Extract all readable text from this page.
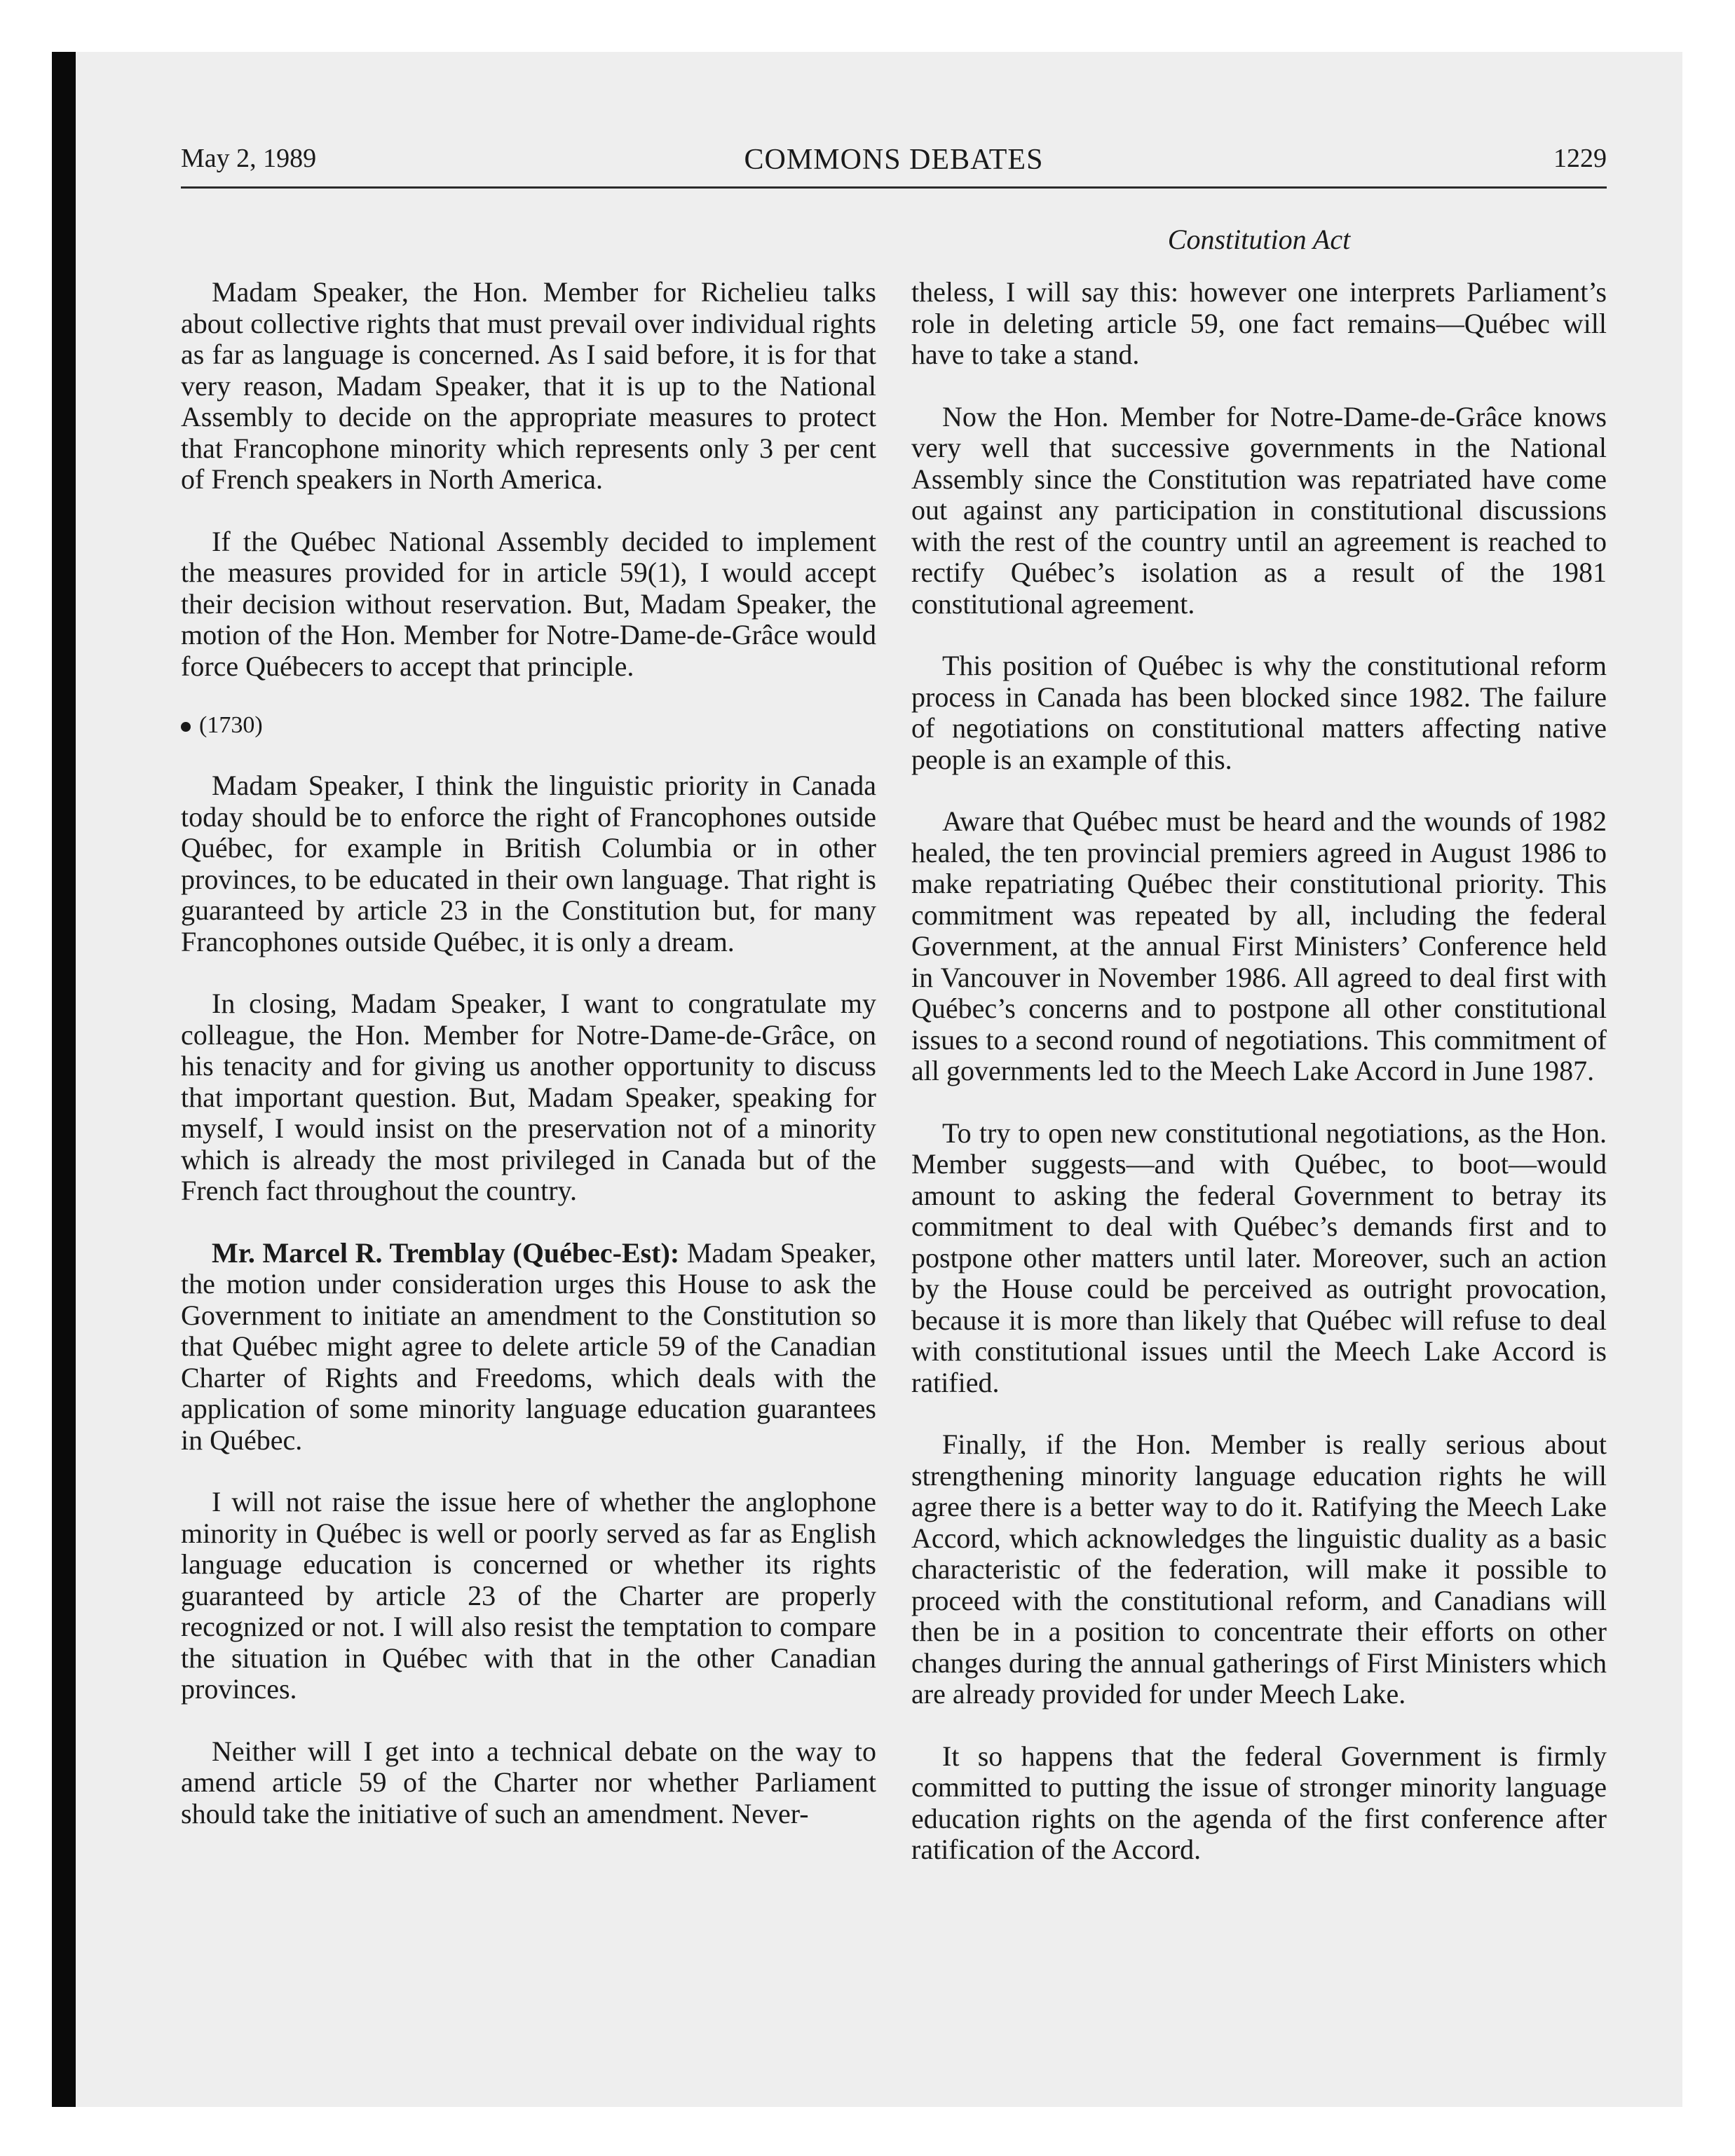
May 2, 1989	COMMONS DEBATES	1229
Constitution Act

Madam Speaker, the Hon. Member for Richelieu talks about collective rights that must prevail over individual rights as far as language is concerned. As I said before, it is for that very reason, Madam Speaker, that it is up to the National Assembly to decide on the appropriate measures to protect that Francophone minority which represents only 3 per cent of French speakers in North America.

If the Québec National Assembly decided to implement the measures provided for in article 59(1), I would accept their decision without reservation. But, Madam Speaker, the motion of the Hon. Member for Notre-Dame-de-Grâce would force Québecers to accept that principle.

(1730)

Madam Speaker, I think the linguistic priority in Canada today should be to enforce the right of Francophones outside Québec, for example in British Columbia or in other provinces, to be educated in their own language. That right is guaranteed by article 23 in the Constitution but, for many Francophones outside Québec, it is only a dream.

In closing, Madam Speaker, I want to congratulate my colleague, the Hon. Member for Notre-Dame-de-Grâce, on his tenacity and for giving us another opportunity to discuss that important question. But, Madam Speaker, speaking for myself, I would insist on the preservation not of a minority which is already the most privileged in Canada but of the French fact throughout the country.

Mr. Marcel R. Tremblay (Québec-Est): Madam Speaker, the motion under consideration urges this House to ask the Government to initiate an amendment to the Constitution so that Québec might agree to delete article 59 of the Canadian Charter of Rights and Freedoms, which deals with the application of some minority language education guarantees in Québec.

I will not raise the issue here of whether the anglophone minority in Québec is well or poorly served as far as English language education is concerned or whether its rights guaranteed by article 23 of the Charter are properly recognized or not. I will also resist the temptation to compare the situation in Québec with that in the other Canadian provinces.

Neither will I get into a technical debate on the way to amend article 59 of the Charter nor whether Parliament should take the initiative of such an amendment. Never-

theless, I will say this: however one interprets Parliament’s role in deleting article 59, one fact remains—Québec will have to take a stand.

Now the Hon. Member for Notre-Dame-de-Grâce knows very well that successive governments in the National Assembly since the Constitution was repatriated have come out against any participation in constitutional discussions with the rest of the country until an agreement is reached to rectify Québec’s isolation as a result of the 1981 constitutional agreement.

This position of Québec is why the constitutional reform process in Canada has been blocked since 1982. The failure of negotiations on constitutional matters affecting native people is an example of this.

Aware that Québec must be heard and the wounds of 1982 healed, the ten provincial premiers agreed in August 1986 to make repatriating Québec their constitutional priority. This commitment was repeated by all, including the federal Government, at the annual First Ministers’ Conference held in Vancouver in November 1986. All agreed to deal first with Québec’s concerns and to postpone all other constitutional issues to a second round of negotiations. This commitment of all governments led to the Meech Lake Accord in June 1987.

To try to open new constitutional negotiations, as the Hon. Member suggests—and with Québec, to boot—would amount to asking the federal Government to betray its commitment to deal with Québec’s demands first and to postpone other matters until later. Moreover, such an action by the House could be perceived as outright provocation, because it is more than likely that Québec will refuse to deal with constitutional issues until the Meech Lake Accord is ratified.

Finally, if the Hon. Member is really serious about strengthening minority language education rights he will agree there is a better way to do it. Ratifying the Meech Lake Accord, which acknowledges the linguistic duality as a basic characteristic of the federation, will make it possible to proceed with the constitutional reform, and Canadians will then be in a position to concentrate their efforts on other changes during the annual gatherings of First Ministers which are already provided for under Meech Lake.

It so happens that the federal Government is firmly committed to putting the issue of stronger minority language education rights on the agenda of the first conference after ratification of the Accord.
